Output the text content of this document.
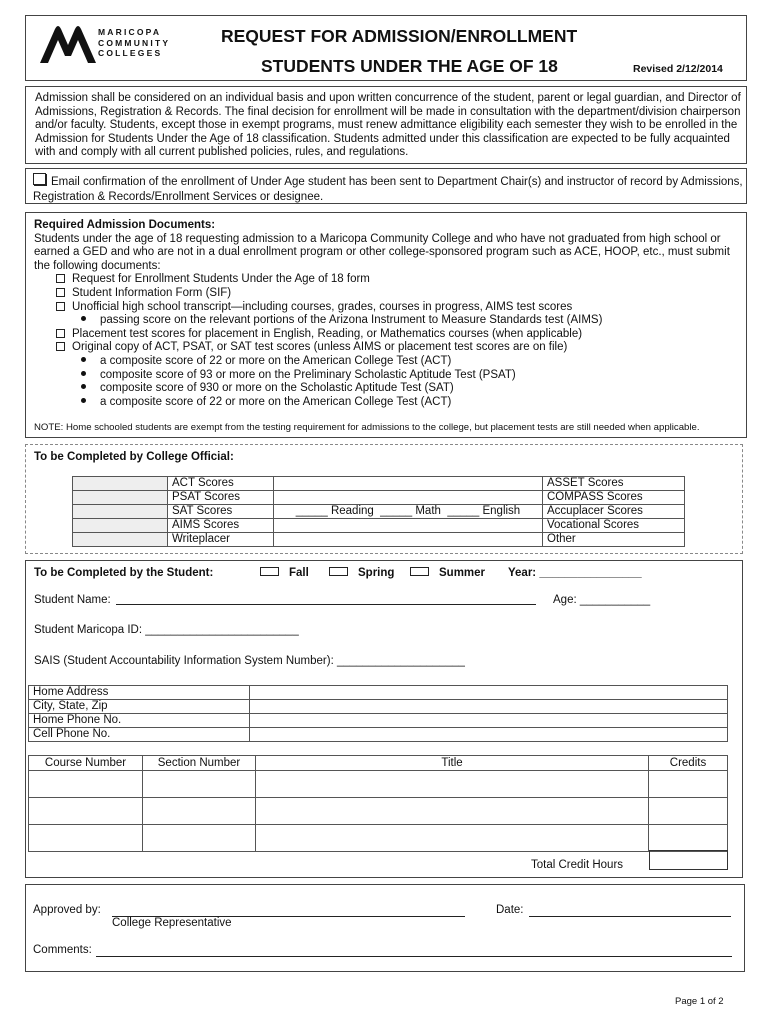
MARICOPA
COMMUNITY
COLLEGES
REQUEST FOR ADMISSION/ENROLLMENT
STUDENTS UNDER THE AGE OF 18	Revised 2/12/2014
Admission shall be considered on an individual basis and upon written concurrence of the student, parent or legal guardian, and Director of
Admissions, Registration & Records. The final decision for enrollment will be made in consultation with the department/division chairperson
and/or faculty. Students, except those in exempt programs, must renew admittance eligibility each semester they wish to be enrolled in the
Admission for Students Under the Age of 18 classification. Students admitted under this classification are expected to be fully acquainted
with and comply with all current published policies, rules, and regulations.
Email confirmation of the enrollment of Under Age student has been sent to Department Chair(s) and instructor of record by Admissions,
Registration & Records/Enrollment Services or designee.
Required Admission Documents:
Students under the age of 18 requesting admission to a Maricopa Community College and who have not graduated from high school or
earned a GED and who are not in a dual enrollment program or other college-sponsored program such as ACE, HOOP, etc., must submit
the following documents:
Request for Enrollment Students Under the Age of 18 form
Student Information Form (SIF)
Unofficial high school transcript—including courses, grades, courses in progress, AIMS test scores
passing score on the relevant portions of the Arizona Instrument to Measure Standards test (AIMS)
Placement test scores for placement in English, Reading, or Mathematics courses (when applicable)
Original copy of ACT, PSAT, or SAT test scores (unless AIMS or placement test scores are on file)
a composite score of 22 or more on the American College Test (ACT)
composite score of 93 or more on the Preliminary Scholastic Aptitude Test (PSAT)
composite score of 930 or more on the Scholastic Aptitude Test (SAT)
a composite score of 22 or more on the American College Test (ACT)
NOTE: Home schooled students are exempt from the testing requirement for admissions to the college, but placement tests are still needed when applicable.
To be Completed by College Official:
	ACT Scores		ASSET Scores
	PSAT Scores		COMPASS Scores
	SAT Scores	_____ Reading  _____ Math  _____ English	Accuplacer Scores
	AIMS Scores		Vocational Scores
	Writeplacer		Other
To be Completed by the Student:	Fall	Spring	Summer Year: ________________
Student Name:	Age: ___________
Student Maricopa ID: ________________________
SAIS (Student Accountability Information System Number): ____________________
Home Address	
City, State, Zip	
Home Phone No.	
Cell Phone No.	
Course Number	Section Number	Title	Credits

Total Credit Hours
Approved by:
College Representative
Date:
Comments:
Page 1 of 2
